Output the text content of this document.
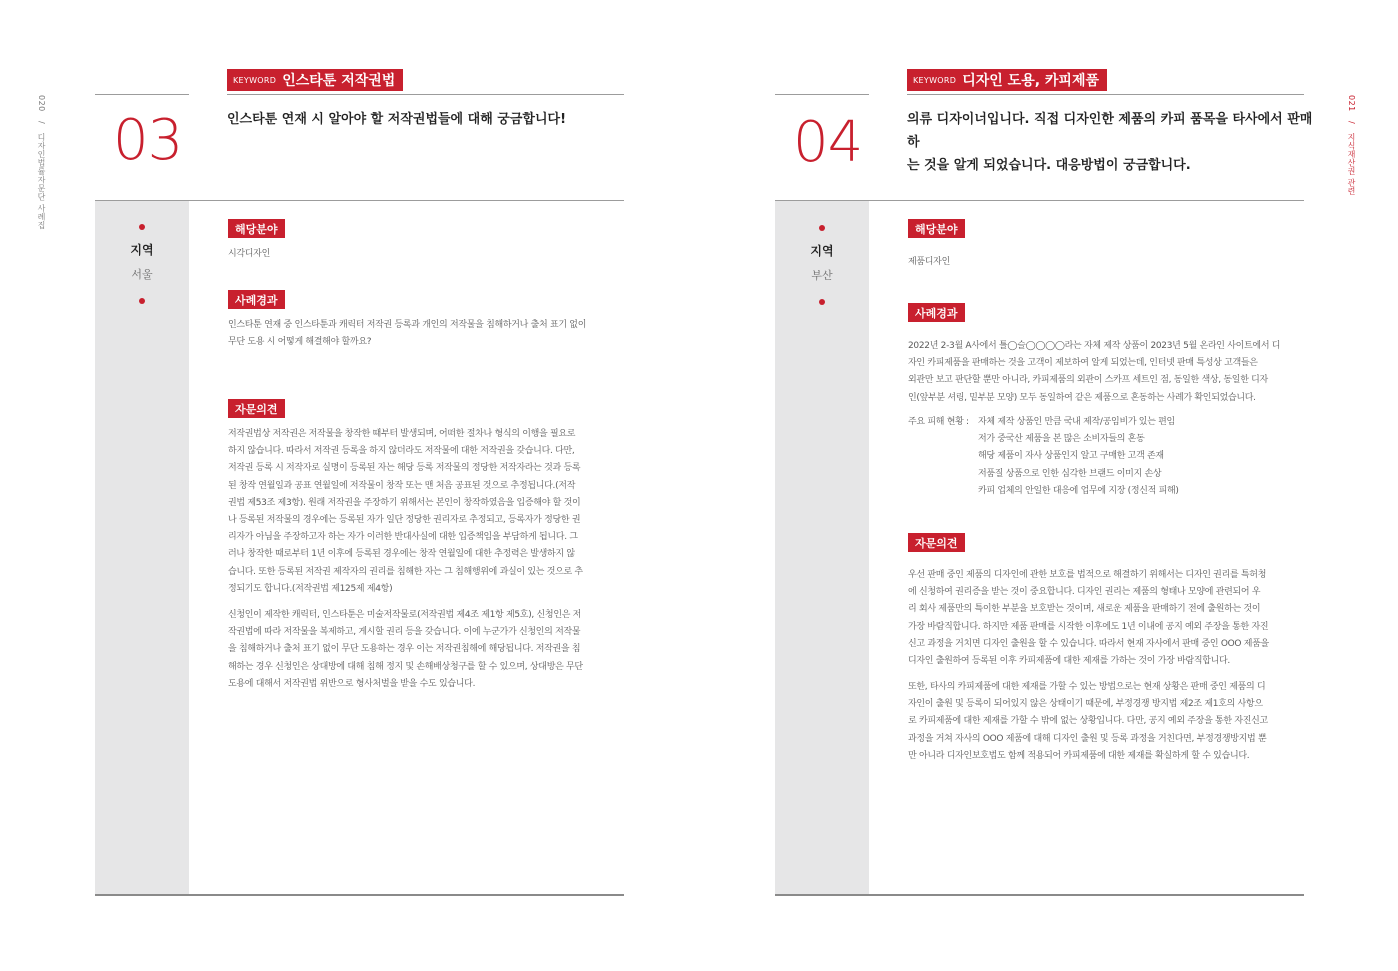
020 / 디자인법률자문단 사례집 03
KEYWORD 인스타툰 저작권법
인스타툰 연재 시 알아야 할 저작권법들에 대해 궁금합니다!
지역
서울
해당분야
시각디자인
사례경과
인스타툰 연재 중 인스타툰과 캐릭터 저작권 등록과 개인의 저작물을 침해하거나 출처 표기 없이
무단 도용 시 어떻게 해결해야 할까요?
자문의견
저작권법상 저작권은 저작물을 창작한 때부터 발생되며, 어떠한 절차나 형식의 이행을 필요로
하지 않습니다. 따라서 저작권 등록을 하지 않더라도 저작물에 대한 저작권을 갖습니다. 다만,
저작권 등록 시 저작자로 실명이 등록된 자는 해당 등록 저작물의 정당한 저작자라는 것과 등록
된 창작 연월일과 공표 연월일에 저작물이 창작 또는 맨 처음 공표된 것으로 추정됩니다.(저작
권법 제53조 제3항). 원래 저작권을 주장하기 위해서는 본인이 창작하였음을 입증해야 할 것이
나 등록된 저작물의 경우에는 등록된 자가 일단 정당한 권리자로 추정되고, 등록자가 정당한 권
리자가 아님을 주장하고자 하는 자가 이러한 반대사실에 대한 입증책임을 부담하게 됩니다. 그
러나 창작한 때로부터 1년 이후에 등록된 경우에는 창작 연월일에 대한 추정력은 발생하지 않
습니다. 또한 등록된 저작권 제작자의 권리를 침해한 자는 그 침해행위에 과실이 있는 것으로 추
정되기도 합니다.(저작권법 제125제 제4항)
신청인이 제작한 캐릭터, 인스타툰은 미술저작물로(저작권법 제4조 제1항 제5호), 신청인은 저
작권법에 따라 저작물을 복제하고, 게시할 권리 등을 갖습니다. 이에 누군가가 신청인의 저작물
을 침해하거나 출처 표기 없이 무단 도용하는 경우 이는 저작권침해에 해당됩니다. 저작권을 침
해하는 경우 신청인은 상대방에 대해 침해 정지 및 손해배상청구를 할 수 있으며, 상대방은 무단
도용에 대해서 저작권법 위반으로 형사처벌을 받을 수도 있습니다.
021 / 지식재산권 관련
04
KEYWORD 디자인 도용, 카피제품
의류 디자이너입니다. 직접 디자인한 제품의 카피 품목을 타사에서 판매하
는 것을 알게 되었습니다. 대응방법이 궁금합니다.
지역
부산
해당분야
제품디자인
사례경과
2022년 2-3월 A사에서 틀◯슬◯◯◯◯라는 자체 제작 상품이 2023년 5월 온라인 사이트에서 디
자인 카피제품을 판매하는 것을 고객이 제보하여 알게 되었는데, 인터넷 판매 특성상 고객들은
외관만 보고 판단할 뿐만 아니라, 카피제품의 외관이 스카프 세트인 점, 동일한 색상, 동일한 디자
인(앞부분 셔링, 밑부분 모양) 모두 동일하여 같은 제품으로 혼동하는 사례가 확인되었습니다.
주요 피해 현황 :	자체 제작 상품인 만큼 국내 제작/공임비가 있는 편임
저가 중국산 제품을 본 많은 소비자들의 혼동
해당 제품이 자사 상품인지 알고 구매한 고객 존재
저품질 상품으로 인한 심각한 브랜드 이미지 손상
카피 업체의 안일한 대응에 업무에 지장 (정신적 피해)
자문의견
우선 판매 중인 제품의 디자인에 관한 보호를 법적으로 해결하기 위해서는 디자인 권리를 특허청
에 신청하여 권리증을 받는 것이 중요합니다. 디자인 권리는 제품의 형태나 모양에 관련되어 우
리 회사 제품만의 특이한 부분을 보호받는 것이며, 새로운 제품을 판매하기 전에 출원하는 것이
가장 바람직합니다. 하지만 제품 판매를 시작한 이후에도 1년 이내에 공지 예외 주장을 통한 자진
신고 과정을 거치면 디자인 출원을 할 수 있습니다. 따라서 현재 자사에서 판매 중인 OOO 제품을
디자인 출원하여 등록된 이후 카피제품에 대한 제재를 가하는 것이 가장 바람직합니다.
또한, 타사의 카피제품에 대한 제재를 가할 수 있는 방법으로는 현재 상황은 판매 중인 제품의 디
자인이 출원 및 등록이 되어있지 않은 상태이기 때문에, 부정경쟁 방지법 제2조 제1호의 사항으
로 카피제품에 대한 제재를 가할 수 밖에 없는 상황입니다. 다만, 공지 예외 주장을 통한 자진신고
과정을 거쳐 자사의 OOO 제품에 대해 디자인 출원 및 등록 과정을 거친다면, 부정경쟁방지법 뿐
만 아니라 디자인보호법도 함께 적용되어 카피제품에 대한 제재를 확실하게 할 수 있습니다.
